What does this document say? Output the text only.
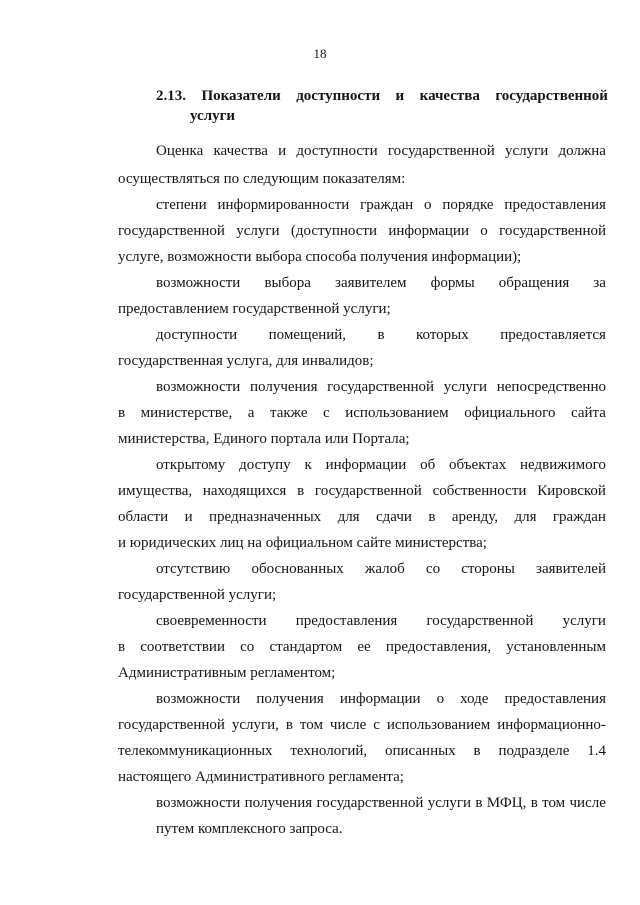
18
2.13. Показатели доступности и качества государственной
услуги
Оценка качества и доступности государственной услуги должна
осуществляться по следующим показателям:
степени информированности граждан о порядке предоставления
государственной услуги (доступности информации о государственной
услуге, возможности выбора способа получения информации);
возможности выбора заявителем формы обращения за
предоставлением государственной услуги;
доступности помещений, в которых предоставляется
государственная услуга, для инвалидов;
возможности получения государственной услуги непосредственно
в министерстве, а также с использованием официального сайта
министерства, Единого портала или Портала;
открытому доступу к информации об объектах недвижимого
имущества, находящихся в государственной собственности Кировской
области и предназначенных для сдачи в аренду, для граждан
и юридических лиц на официальном сайте министерства;
отсутствию обоснованных жалоб со стороны заявителей
государственной услуги;
своевременности предоставления государственной услуги
в соответствии со стандартом ее предоставления, установленным
Административным регламентом;
возможности получения информации о ходе предоставления
государственной услуги, в том числе с использованием информационно-
телекоммуникационных технологий, описанных в подразделе 1.4
настоящего Административного регламента;
возможности получения государственной услуги в МФЦ, в том числе
путем комплексного запроса.
